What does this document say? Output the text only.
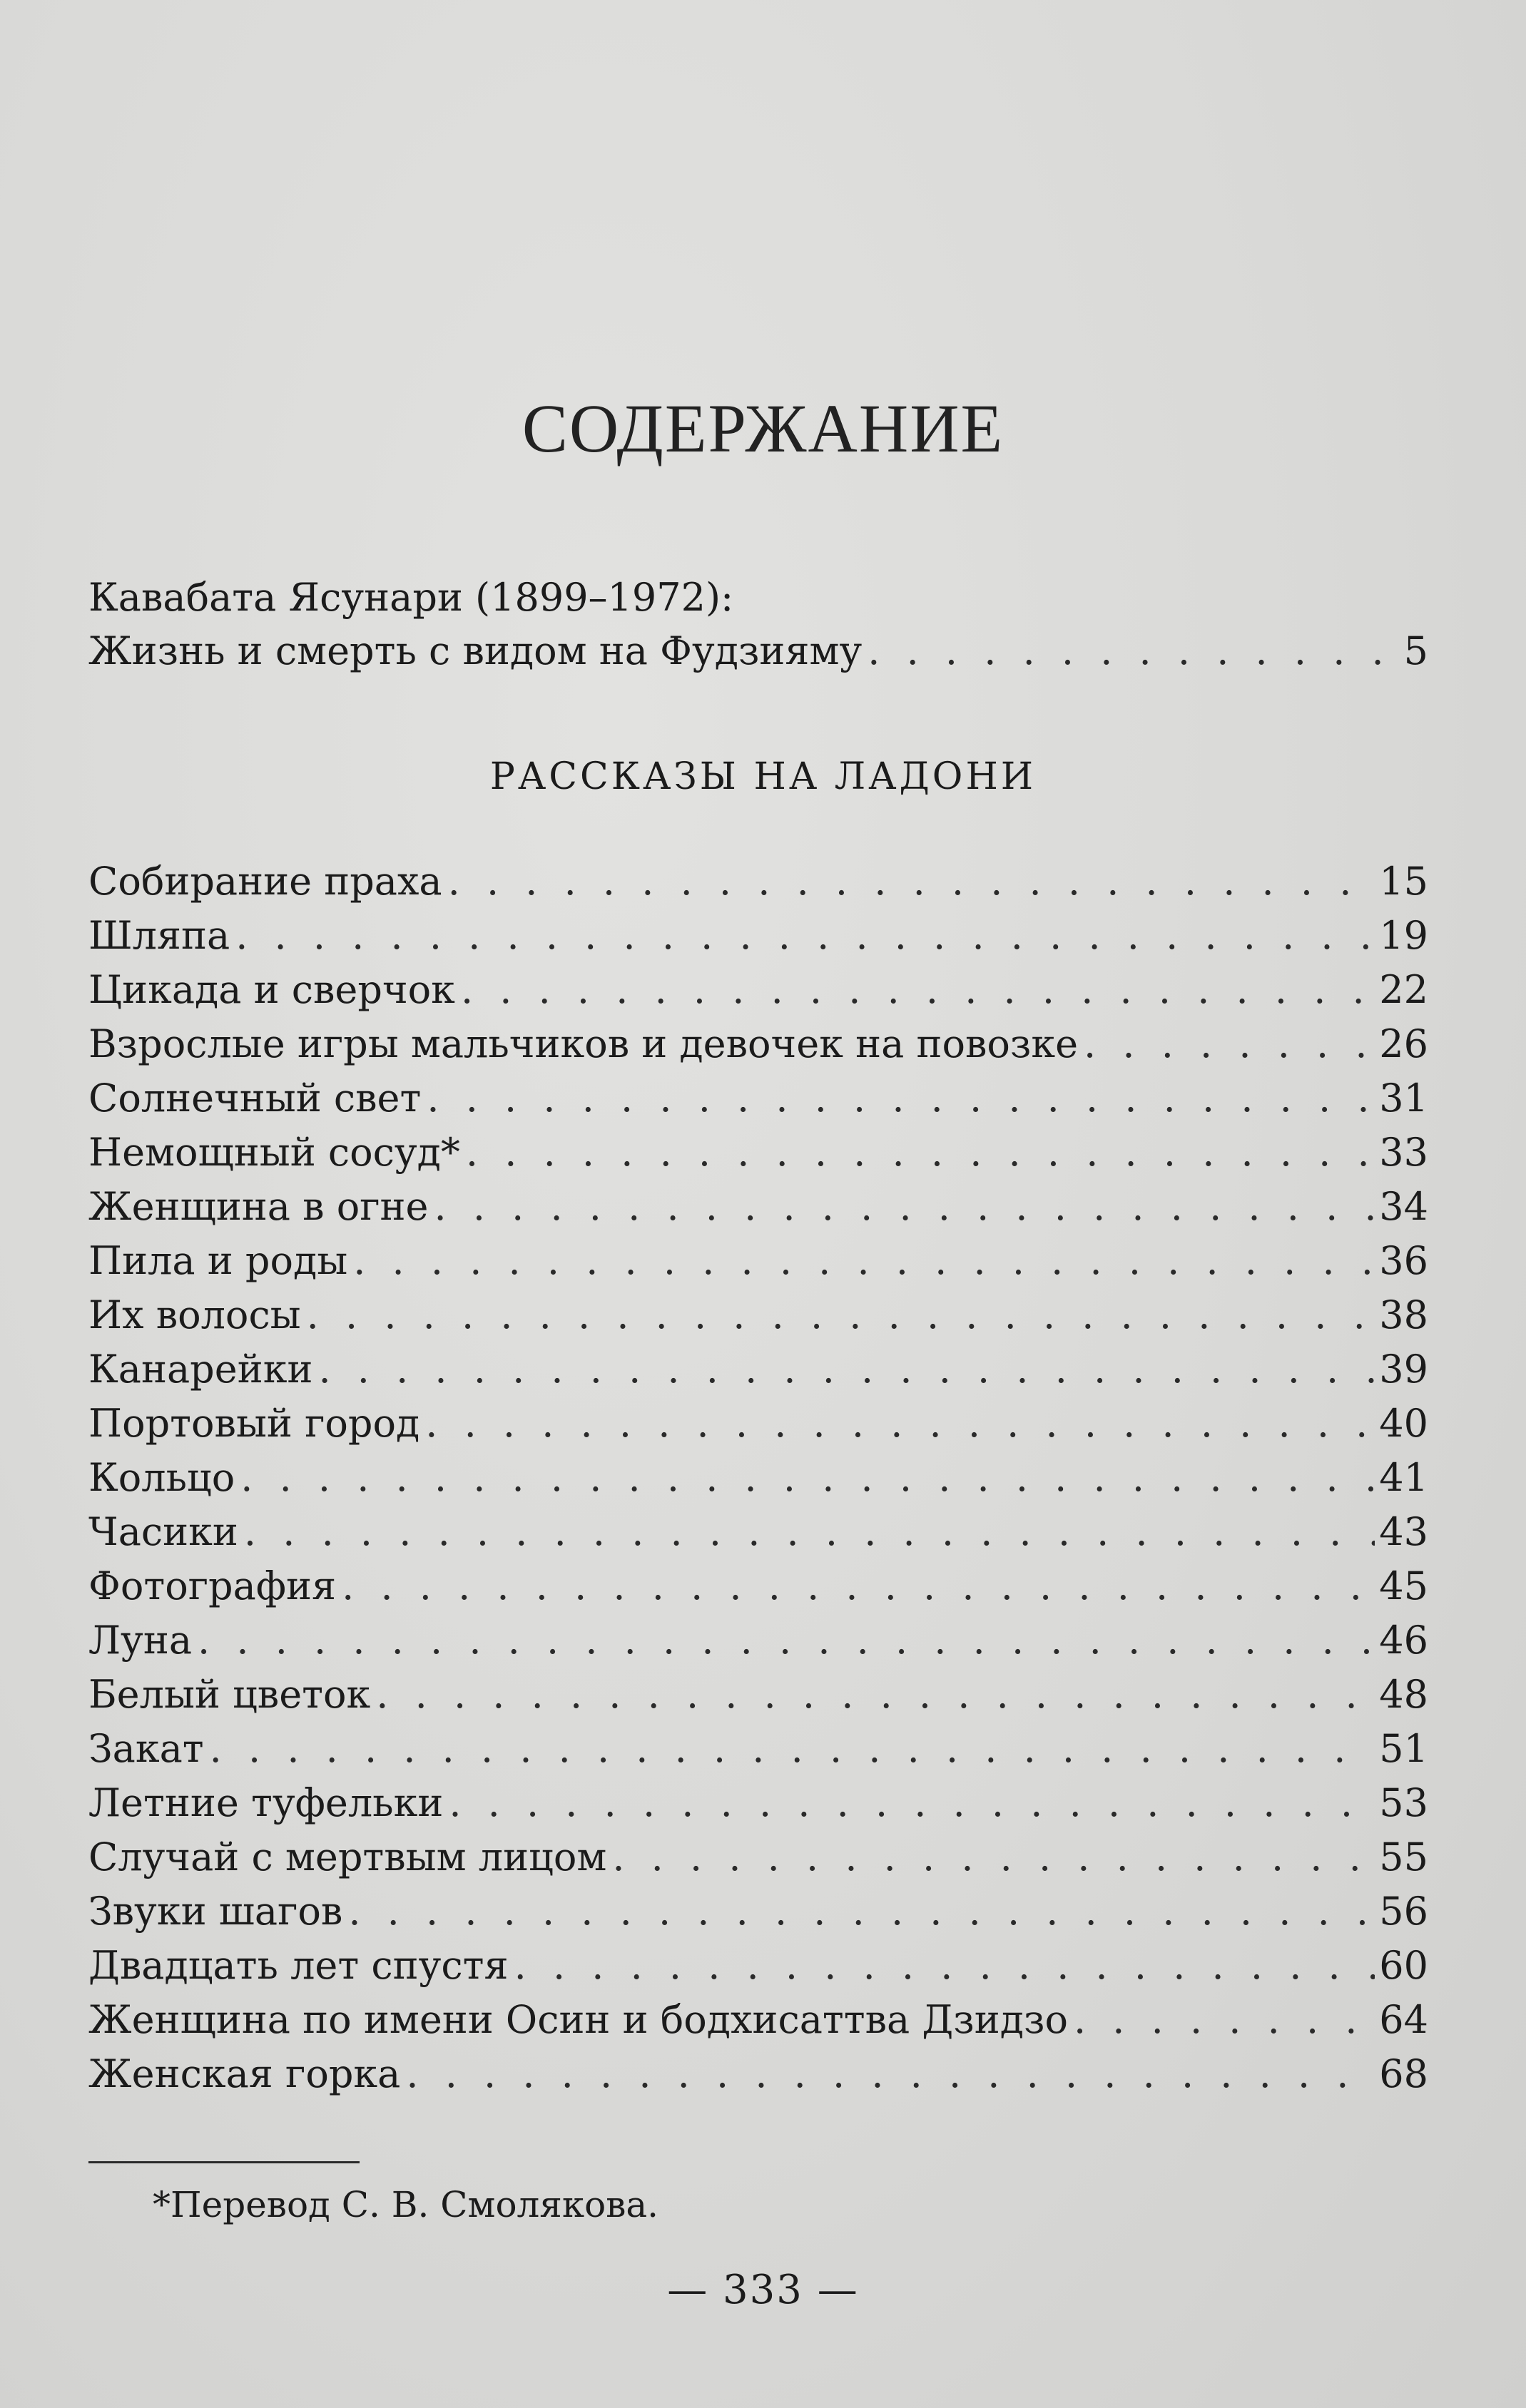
СОДЕРЖАНИЕ
Кавабата Ясунари (1899–1972):
Жизнь и смерть с видом на Фудзияму . . .	5
РАССКАЗЫ НА ЛАДОНИ
Собирание праха . . .	15
Шляпа . . .	19
Цикада и сверчок . . .	22
Взрослые игры мальчиков и девочек на повозке . . .	26
Солнечный свет . . .	31
Немощный сосуд* . . .	33
Женщина в огне . . .	34
Пила и роды . . .	36
Их волосы . . .	38
Канарейки . . .	39
Портовый город . . .	40
Кольцо . . .	41
Часики . . .	43
Фотография . . .	45
Луна . . .	46
Белый цветок . . .	48
Закат . . .	51
Летние туфельки . . .	53
Случай с мертвым лицом . . .	55
Звуки шагов . . .	56
Двадцать лет спустя . . .	60
Женщина по имени Осин и бодхисаттва Дзидзо . . .	64
Женская горка . . .	68
*Перевод С. В. Смолякова.
— 333 —
